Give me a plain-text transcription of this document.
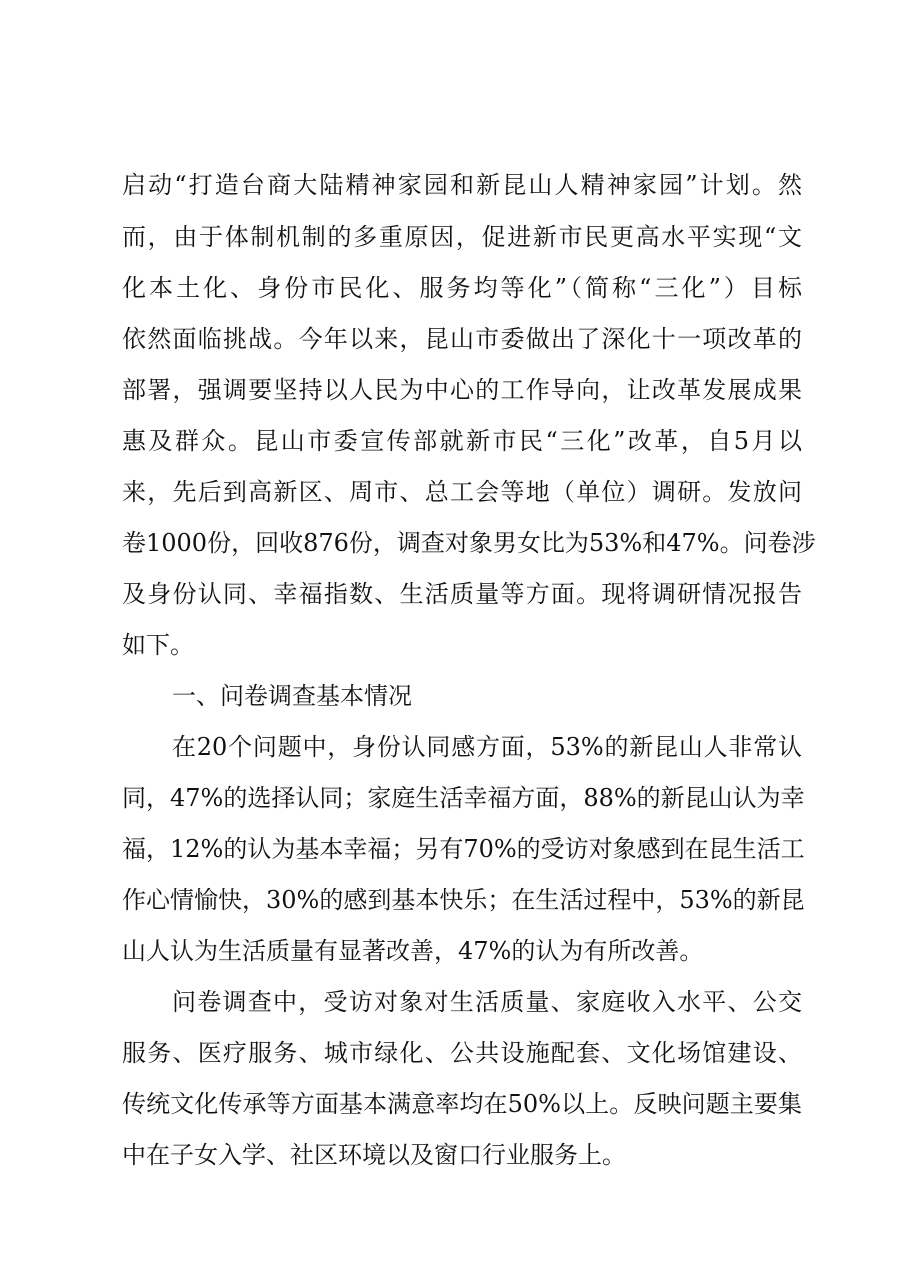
启动“打造台商大陆精神家园和新昆山人精神家园”计划。然
而，由于体制机制的多重原因，促进新市民更高水平实现“文
化本土化、身份市民化、服务均等化”（简称“三化”）目标
依然面临挑战。今年以来，昆山市委做出了深化十一项改革的
部署，强调要坚持以人民为中心的工作导向，让改革发展成果
惠及群众。昆山市委宣传部就新市民“三化”改革，自5月以
来，先后到高新区、周市、总工会等地（单位）调研。发放问
卷1000份，回收876份，调查对象男女比为53%和47%。问卷涉
及身份认同、幸福指数、生活质量等方面。现将调研情况报告
如下。
一、问卷调查基本情况
在20个问题中，身份认同感方面，53%的新昆山人非常认
同，47%的选择认同；家庭生活幸福方面，88%的新昆山认为幸
福，12%的认为基本幸福；另有70%的受访对象感到在昆生活工
作心情愉快，30%的感到基本快乐；在生活过程中，53%的新昆
山人认为生活质量有显著改善，47%的认为有所改善。
问卷调查中，受访对象对生活质量、家庭收入水平、公交
服务、医疗服务、城市绿化、公共设施配套、文化场馆建设、
传统文化传承等方面基本满意率均在50%以上。反映问题主要集
中在子女入学、社区环境以及窗口行业服务上。
